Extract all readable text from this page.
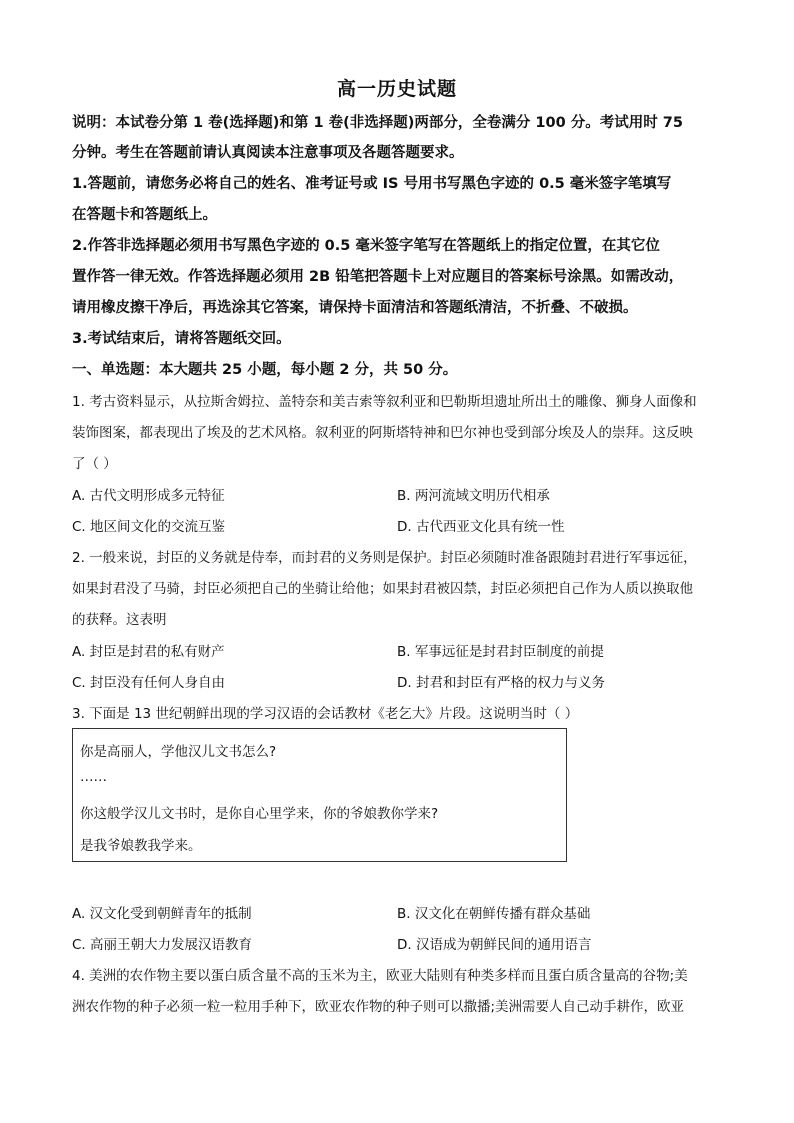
高一历史试题
说明：本试卷分第 1 卷(选择题)和第 1 卷(非选择题)两部分，全卷满分 100 分。考试用时 75
分钟。考生在答题前请认真阅读本注意事项及各题答题要求。
1.答题前，请您务必将自己的姓名、准考证号或 IS 号用书写黑色字迹的 0.5 毫米签字笔填写
在答题卡和答题纸上。
2.作答非选择题必须用书写黑色字迹的 0.5 毫米签字笔写在答题纸上的指定位置，在其它位
置作答一律无效。作答选择题必须用 2B 铅笔把答题卡上对应题目的答案标号涂黑。如需改动，
请用橡皮擦干净后，再选涂其它答案，请保持卡面清洁和答题纸清洁，不折叠、不破损。
3.考试结束后，请将答题纸交回。
一、单选题：本大题共 25 小题，每小题 2 分，共 50 分。
1. 考古资料显示，从拉斯舍姆拉、盖特奈和美吉索等叙利亚和巴勒斯坦遗址所出土的雕像、狮身人面像和
装饰图案，都表现出了埃及的艺术风格。叙利亚的阿斯塔特神和巴尔神也受到部分埃及人的崇拜。这反映
了（ ）
A. 古代文明形成多元特征	B. 两河流域文明历代相承
C. 地区间文化的交流互鉴	D. 古代西亚文化具有统一性
2. 一般来说，封臣的义务就是侍奉，而封君的义务则是保护。封臣必须随时准备跟随封君进行军事远征，
如果封君没了马骑，封臣必须把自己的坐骑让给他；如果封君被囚禁，封臣必须把自己作为人质以换取他
的获释。这表明
A. 封臣是封君的私有财产	B. 军事远征是封君封臣制度的前提
C. 封臣没有任何人身自由	D. 封君和封臣有严格的权力与义务
3. 下面是 13 世纪朝鲜出现的学习汉语的会话教材《老乞大》片段。这说明当时（ ）
你是高丽人，学他汉儿文书怎么?
……
你这般学汉儿文书时，是你自心里学来，你的爷娘教你学来?
是我爷娘教我学来。
A. 汉文化受到朝鲜青年的抵制	B. 汉文化在朝鲜传播有群众基础
C. 高丽王朝大力发展汉语教育	D. 汉语成为朝鲜民间的通用语言
4. 美洲的农作物主要以蛋白质含量不高的玉米为主，欧亚大陆则有种类多样而且蛋白质含量高的谷物;美
洲农作物的种子必须一粒一粒用手种下，欧亚农作物的种子则可以撒播;美洲需要人自己动手耕作，欧亚
